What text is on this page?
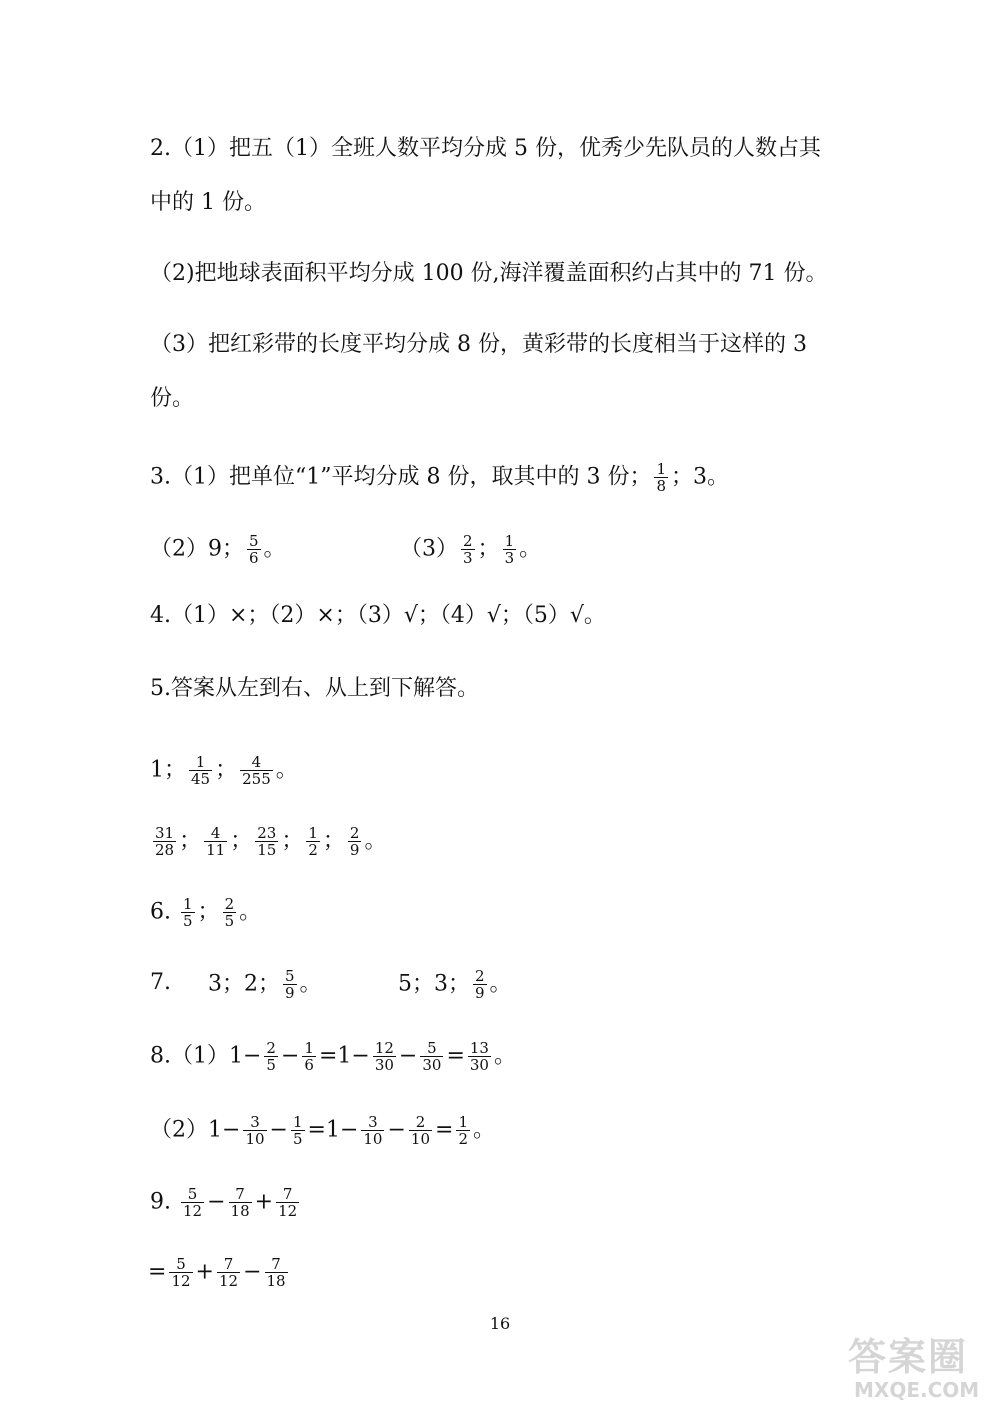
2.（1）把五（1）全班人数平均分成 5 份，优秀少先队员的人数占其
中的 1 份。
（2)把地球表面积平均分成 100 份,海洋覆盖面积约占其中的 71 份。
（3）把红彩带的长度平均分成 8 份，黄彩带的长度相当于这样的 3
份。
3.（1）把单位“1”平均分成 8 份，取其中的 3 份； $\frac{1}{8}$ ；3。
（2）9； $\frac{5}{6}$ 。	$(3) \frac{2}{3}$ ； $\frac{1}{3}$ 。
4.（1）×；（2）×；（3）√；（4）√；（5）√。
5.答案从左到右、从上到下解答。
1； $\frac{1}{45}$ ； $\frac{4}{255}$ 。
$\frac{31}{28}$ ； $\frac{4}{11}$ ； $\frac{23}{15}$ ； $\frac{1}{2}$ ； $\frac{2}{9}$ 。
6. $\frac{1}{5}$ ； $\frac{2}{5}$ 。
7. 3；2； $\frac{5}{9}$ 。	5；3； $\frac{2}{9}$ 。
$8.(1)1- \frac{2}{5} - \frac{1}{6} =1- \frac{12}{30} - \frac{5}{30} = \frac{13}{30}$ 。
$(2)1- \frac{3}{10} - \frac{1}{5} =1- \frac{3}{10} - \frac{2}{10} = \frac{1}{2}$ 。
9. $\frac{5}{12} - \frac{7}{18} + \frac{7}{12}$
= $\frac{5}{12} + \frac{7}{12} - \frac{7}{18}$
16
答案圈
MXQE.COM
